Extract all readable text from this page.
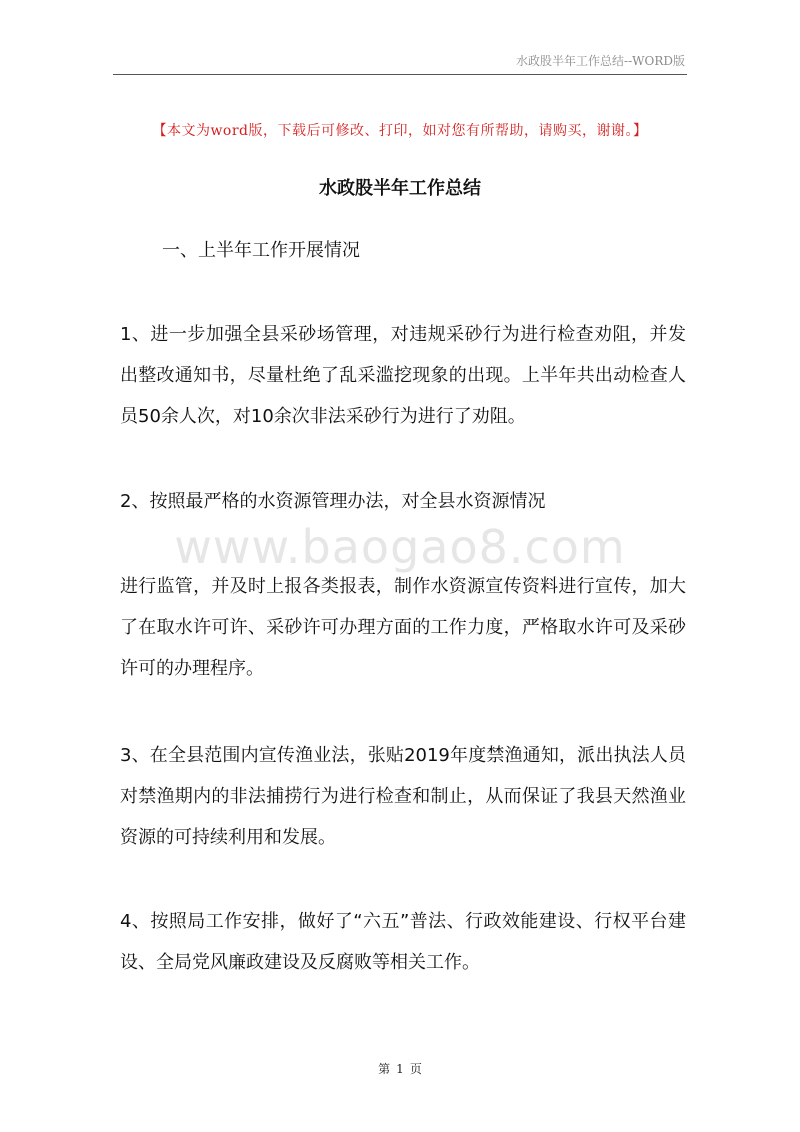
水政股半年工作总结--WORD版
【本文为word版，下载后可修改、打印，如对您有所帮助，请购买，谢谢。】
水政股半年工作总结
一、上半年工作开展情况

1、进一步加强全县采砂场管理，对违规采砂行为进行检查劝阻，并发出整改通知书，尽量杜绝了乱采滥挖现象的出现。上半年共出动检查人员50余人次，对10余次非法采砂行为进行了劝阻。

2、按照最严格的水资源管理办法，对全县水资源情况

www.baogao8.com

进行监管，并及时上报各类报表，制作水资源宣传资料进行宣传，加大了在取水许可许、采砂许可办理方面的工作力度，严格取水许可及采砂许可的办理程序。

3、在全县范围内宣传渔业法，张贴2019年度禁渔通知，派出执法人员对禁渔期内的非法捕捞行为进行检查和制止，从而保证了我县天然渔业资源的可持续利用和发展。

4、按照局工作安排，做好了“六五”普法、行政效能建设、行权平台建设、全局党风廉政建设及反腐败等相关工作。

第 1 页
